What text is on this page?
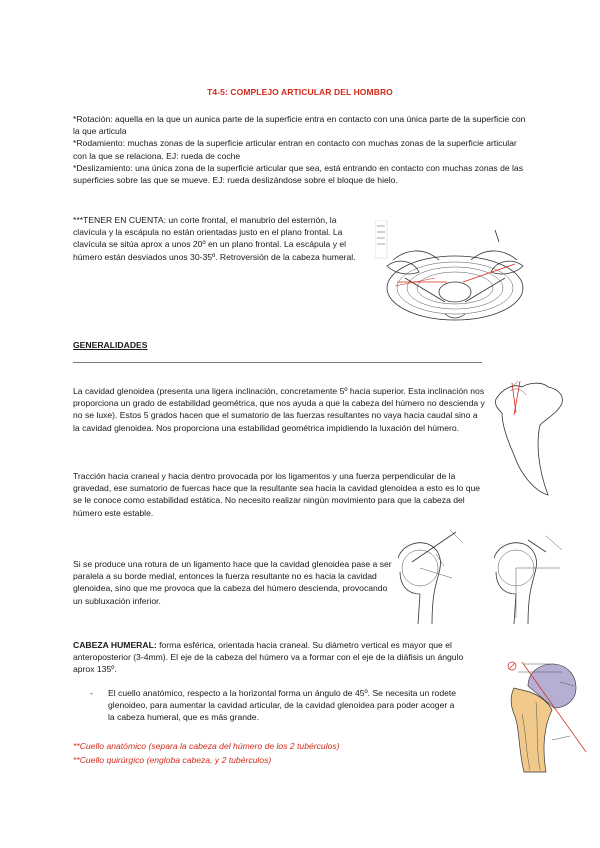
T4-5: COMPLEJO ARTICULAR DEL HOMBRO

*Rotación: aquella en la que un aunica parte de la superficie entra en contacto con una única parte de la superficie con la que articula

*Rodamiento: muchas zonas de la superficie articular entran en contacto con muchas zonas de la superficie articular con la que se relaciona. EJ: rueda de coche

*Deslizamiento: una única zona de la superficie articular que sea, está entrando en contacto con muchas zonas de las superficies sobre las que se mueve. EJ: rueda deslizándose sobre el bloque de hielo.

***TENER EN CUENTA: un corte frontal, el manubrio del esternón, la clavícula y la escápula no están orientadas justo en el plano frontal. La clavícula se sitúa aprox a unos 20º en un plano frontal. La escápula y el húmero están desviados unos 30-35º. Retroversión de la cabeza humeral.
GENERALIDADES
La cavidad glenoidea (presenta una ligera inclinación, concretamente 5º hacia superior. Esta inclinación nos proporciona un grado de estabilidad geométrica, que nos ayuda a que la cabeza del húmero no descienda y no se luxe). Estos 5 grados hacen que el sumatorio de las fuerzas resultantes no vaya hacia caudal sino a la cavidad glenoidea. Nos proporciona una estabilidad geométrica impidiendo la luxación del húmero.
Tracción hacia craneal y hacia dentro provocada por los ligamentos y una fuerza perpendicular de la gravedad, ese sumatorio de fuercas hace que la resultante sea hacia la cavidad glenoidea a esto es lo que se le conoce como estabilidad estática. No necesito realizar ningún movimiento para que la cabeza del húmero este estable.
Si se produce una rotura de un ligamento hace que la cavidad glenoidea pase a ser paralela a su borde medial, entonces la fuerza resultante no es hacia la cavidad glenoidea, sino que me provoca que la cabeza del húmero descienda, provocando un subluxación inferior.
CABEZA HUMERAL: forma esférica, orientada hacia craneal. Su diámetro vertical es mayor que el anteroposterior (3-4mm). El eje de la cabeza del húmero va a formar con el eje de la diáfisis un ángulo aprox 135º.
- El cuello anatómico, respecto a la horizontal forma un ángulo de 45º. Se necesita un rodete glenoideo, para aumentar la cavidad articular, de la cavidad glenoidea para poder acoger a la cabeza humeral, que es más grande.
**Cuello anatómico (separa la cabeza del húmero de los 2 tubérculos)
**Cuello quirúrgico (engloba cabeza, y 2 tubérculos)
